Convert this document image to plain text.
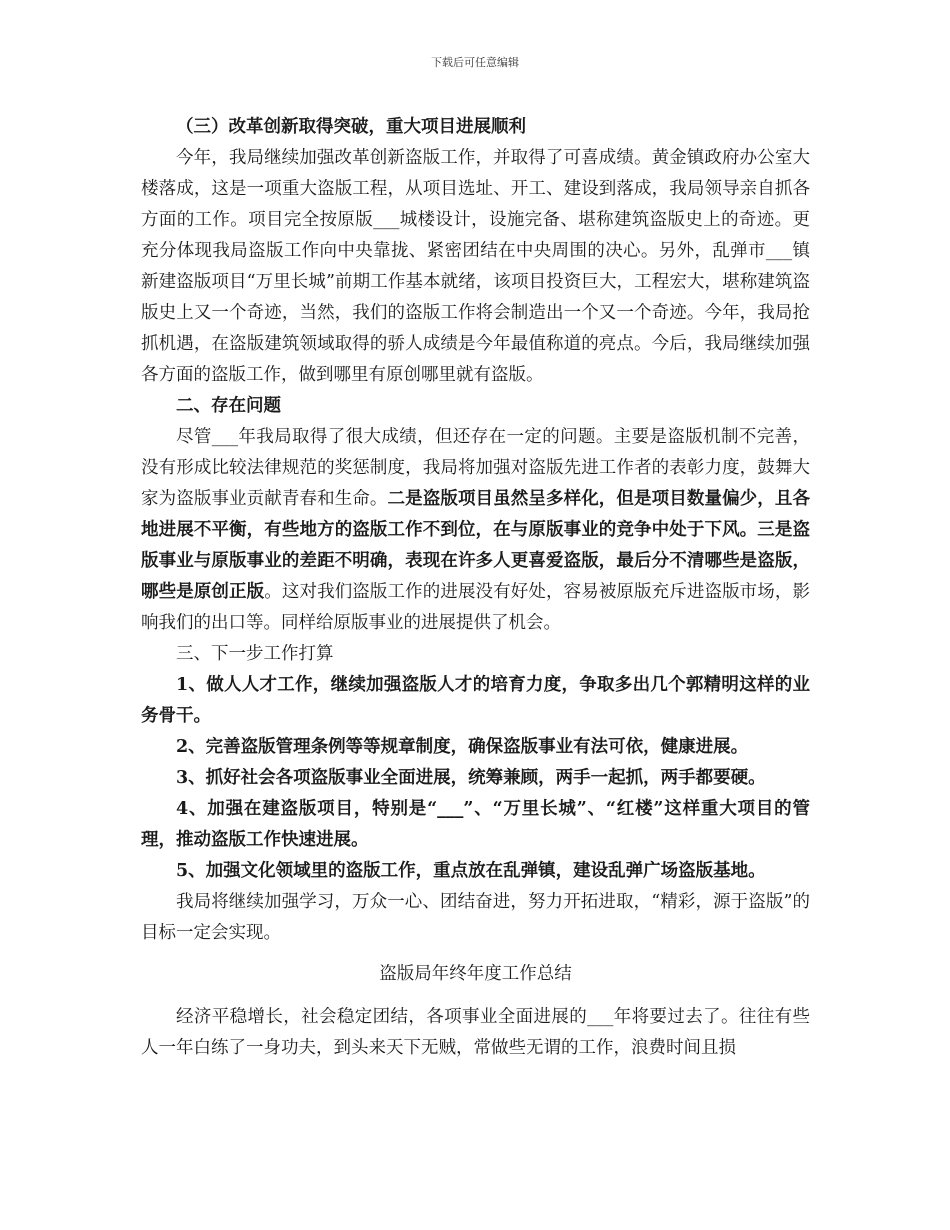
下载后可任意编辑

（三）改革创新取得突破，重大项目进展顺利

今年，我局继续加强改革创新盗版工作，并取得了可喜成绩。黄金镇政府办公室大楼落成，这是一项重大盗版工程，从项目选址、开工、建设到落成，我局领导亲自抓各方面的工作。项目完全按原版___城楼设计，设施完备、堪称建筑盗版史上的奇迹。更充分体现我局盗版工作向中央靠拢、紧密团结在中央周围的决心。另外，乱弹市___镇新建盗版项目“万里长城”前期工作基本就绪，该项目投资巨大，工程宏大，堪称建筑盗版史上又一个奇迹，当然，我们的盗版工作将会制造出一个又一个奇迹。今年，我局抢抓机遇，在盗版建筑领域取得的骄人成绩是今年最值称道的亮点。今后，我局继续加强各方面的盗版工作，做到哪里有原创哪里就有盗版。

二、存在问题

尽管___年我局取得了很大成绩，但还存在一定的问题。主要是盗版机制不完善，没有形成比较法律规范的奖惩制度，我局将加强对盗版先进工作者的表彰力度，鼓舞大家为盗版事业贡献青春和生命。二是盗版项目虽然呈多样化，但是项目数量偏少，且各地进展不平衡，有些地方的盗版工作不到位，在与原版事业的竞争中处于下风。三是盗版事业与原版事业的差距不明确，表现在许多人更喜爱盗版，最后分不清哪些是盗版，哪些是原创正版。这对我们盗版工作的进展没有好处，容易被原版充斥进盗版市场，影响我们的出口等。同样给原版事业的进展提供了机会。

三、下一步工作打算

1、做人人才工作，继续加强盗版人才的培育力度，争取多出几个郭精明这样的业务骨干。

2、完善盗版管理条例等等规章制度，确保盗版事业有法可依，健康进展。

3、抓好社会各项盗版事业全面进展，统筹兼顾，两手一起抓，两手都要硬。

4、加强在建盗版项目，特别是“___”、“万里长城”、“红楼”这样重大项目的管理，推动盗版工作快速进展。

5、加强文化领域里的盗版工作，重点放在乱弹镇，建设乱弹广场盗版基地。

我局将继续加强学习，万众一心、团结奋进，努力开拓进取，“精彩，源于盗版”的目标一定会实现。

盗版局年终年度工作总结

经济平稳增长，社会稳定团结，各项事业全面进展的___年将要过去了。往往有些人一年白练了一身功夫，到头来天下无贼，常做些无谓的工作，浪费时间且损
